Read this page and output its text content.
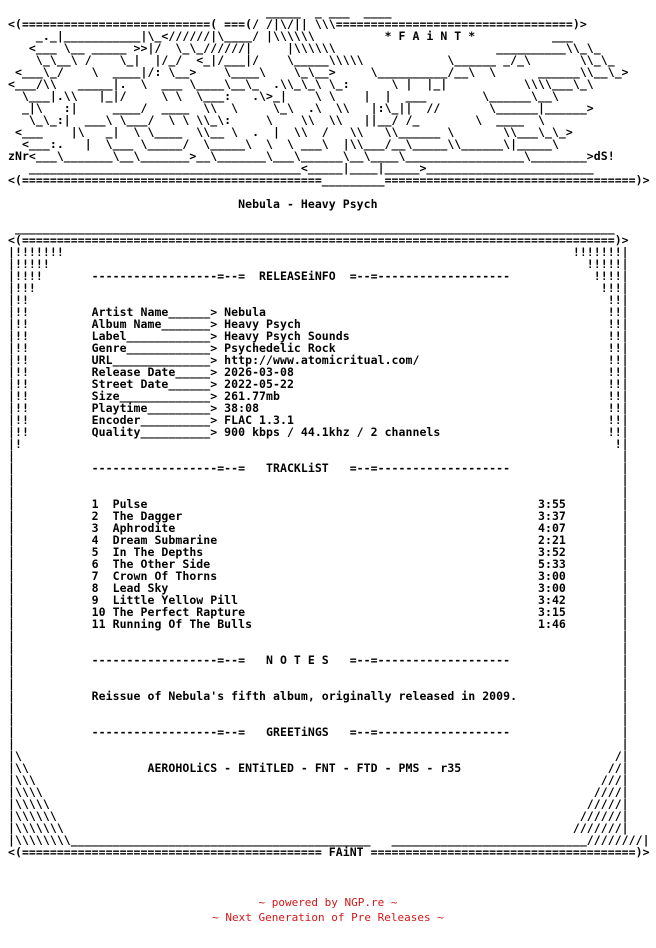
_____  _ ___  ____
<(===========================( ===(/ /|\/|| \\\==================================)>
_._|___________|\_<//////|\____/ |\\\\\\          * F A i N T *           ___
<___ \__ _____ >>|/  \_\_//////|     |\\\\\\                       __________\\_\_
\_\__\ /    \_|  |/_/  <_|/___|/    \_____\\\\\            \______ _/_\       \\_\_
<___\_/    \  ____|/: \__>    \____\    \_\__>     \__________/__\  \      ______\\__\_>
<___/\\   _____|.  \  ___ \____\__\_  .\\_\_\ \_:      \ |  |_|           \\\\___\_\
\___|.\\   |_|/     \ \  \___:   .\>_|    \ \    |  |  ___        \______\__\
_|\   :|     ____/  ____  \\  \     \_\  .\  \\   |:\_||  //       \______|______>
\_\_:|  ___\ \___/  \ \ \\_\:     \    \\  \\   ||__/ /_        \  ____  \
<___    |\   _|  \ \____  \\__ \  .  |  \\  /   \\   \\______ \       \\___\_\_>
<___:.   |  \___ \_____/  \_____\  \  \ ___\  |\\___/__\_____\\______\|_____\
zNr<___\_______\__\_______>__\_______\___\______\__\____\_________________\________>dS!
_______________________________________<_____|____|_____>________________________
<(===========================================_________====================================)>

Nebula - Heavy Psych

______________________________________________________________________________________
<(=====================================================================================)>
|!!!!!!!                                                                         !!!!!!!|
|!!!!!                                                                             !!!!!|
|!!!!       ------------------=--=  RELEASEiNFO  =--=-------------------            !!!!|
|!!!                                                                                 !!!|
|!!                                                                                   !!|
|!!         Artist Name______> Nebula                                                 !!|
|!!         Album Name_______> Heavy Psych                                            !!|
|!!         Label____________> Heavy Psych Sounds                                     !!|
|!!         Genre____________> Psychedelic Rock                                       !!|
|!!         URL______________> http://www.atomicritual.com/                           !!|
|!!         Release Date_____> 2026-03-08                                             !!|
|!!         Street Date______> 2022-05-22                                             !!|
|!!         Size_____________> 261.77mb                                               !!|
|!!         Playtime_________> 38:08                                                  !!|
|!!         Encoder__________> FLAC 1.3.1                                             !!|
|!!         Quality__________> 900 kbps / 44.1khz / 2 channels                        !!|
|!                                                                                     !|
|                                                                                       |
|           ------------------=--=   TRACKLiST   =--=-------------------                |
|                                                                                       |
|                                                                                       |
|           1  Pulse                                                        3:55        |
|           2  The Dagger                                                   3:37        |
|           3  Aphrodite                                                    4:07        |
|           4  Dream Submarine                                              2:21        |
|           5  In The Depths                                                3:52        |
|           6  The Other Side                                               5:33        |
|           7  Crown Of Thorns                                              3:00        |
|           8  Lead Sky                                                     3:00        |
|           9  Little Yellow Pill                                           3:42        |
|           10 The Perfect Rapture                                          3:15        |
|           11 Running Of The Bulls                                         1:46        |
|                                                                                       |
|                                                                                       |
|           ------------------=--=   N O T E S   =--=-------------------                |
|                                                                                       |
|                                                                                       |
|           Reissue of Nebula's fifth album, originally released in 2009.               |
|                                                                                       |
|                                                                                       |
|           ------------------=--=   GREETiNGS   =--=-------------------                |
|                                                                                       |
|\                                                                                     /|
|\\                 AEROHOLiCS - ENTiTLED - FNT - FTD - PMS - r35                     //|
|\\\                                                                                 ///|
|\\\\                                                                               ////|
|\\\\\                                                                             /////|
|\\\\\\                                                                           //////|
|\\\\\\\                                                                         ///////|
|\\\\\\\\___________________________________________   ____________________________////////|
<(=========================================== FAiNT ======================================)>
~ powered by NGP.re ~
~ Next Generation of Pre Releases ~
